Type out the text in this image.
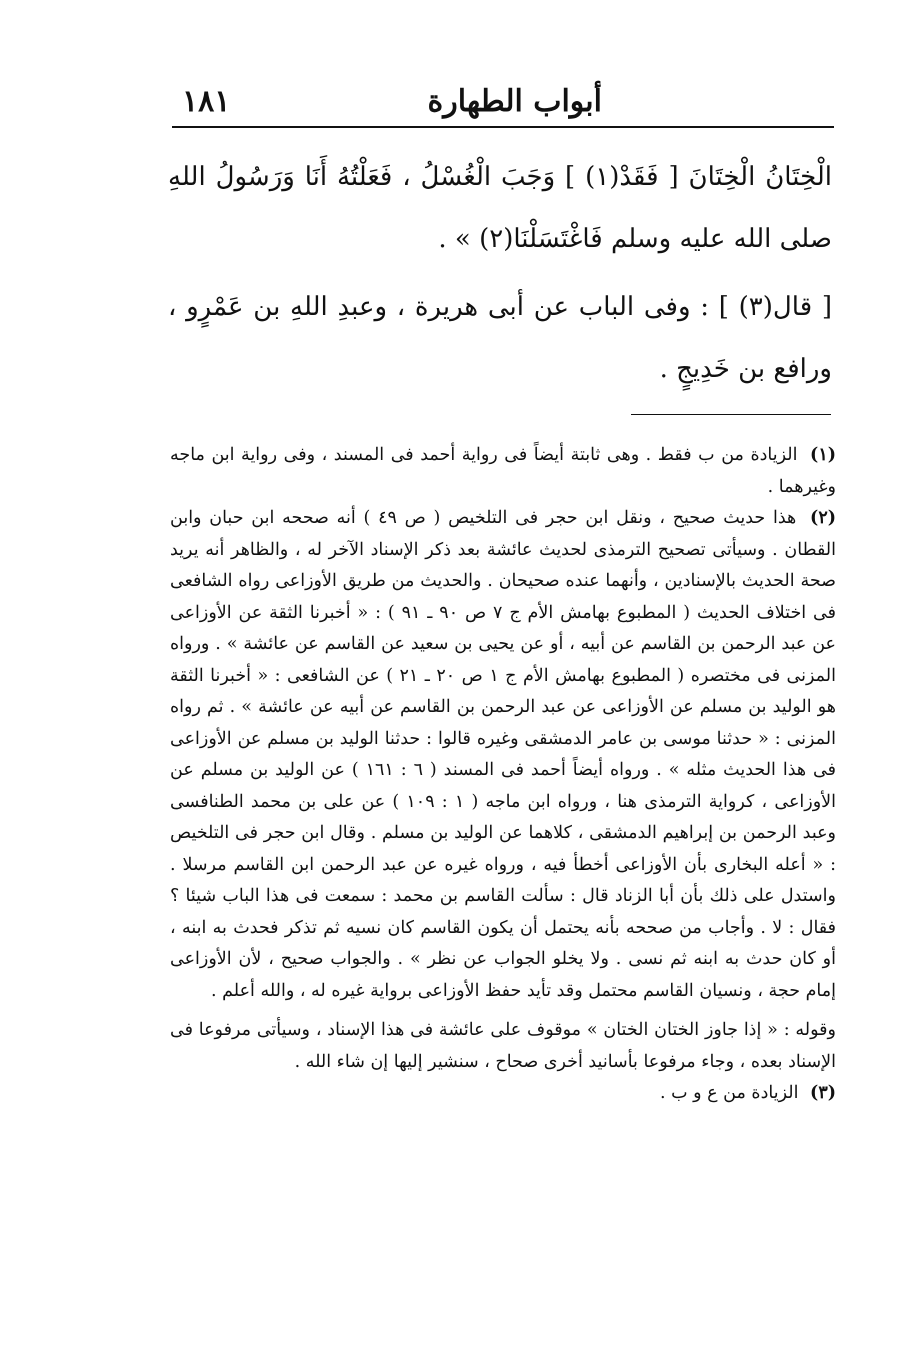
أبواب الطهارة
١٨١

الْخِتَانُ الْخِتَانَ [ فَقَدْ(١) ] وَجَبَ الْغُسْلُ ، فَعَلْتُهُ أَنَا وَرَسُولُ اللهِ صلى الله عليه وسلم فَاغْتَسَلْنَا(٢) » .

[ قال(٣) ] : وفى الباب عن أبى هريرة ، وعبدِ اللهِ بن عَمْرٍو ، ورافع بن خَدِيجٍ .

(١) الزيادة من ب فقط . وهى ثابتة أيضاً فى رواية أحمد فى المسند ، وفى رواية ابن ماجه وغيرهما .

(٢) هذا حديث صحيح ، ونقل ابن حجر فى التلخيص ( ص ٤٩ ) أنه صححه ابن حبان وابن القطان . وسيأتى تصحيح الترمذى لحديث عائشة بعد ذكر الإسناد الآخر له ، والظاهر أنه يريد صحة الحديث بالإسنادين ، وأنهما عنده صحيحان . والحديث من طريق الأوزاعى رواه الشافعى فى اختلاف الحديث ( المطبوع بهامش الأم ج ٧ ص ٩٠ ـ ٩١ ) : « أخبرنا الثقة عن الأوزاعى عن عبد الرحمن بن القاسم عن أبيه ، أو عن يحيى بن سعيد عن القاسم عن عائشة » . ورواه المزنى فى مختصره ( المطبوع بهامش الأم ج ١ ص ٢٠ ـ ٢١ ) عن الشافعى : « أخبرنا الثقة هو الوليد بن مسلم عن الأوزاعى عن عبد الرحمن بن القاسم عن أبيه عن عائشة » . ثم رواه المزنى : « حدثنا موسى بن عامر الدمشقى وغيره قالوا : حدثنا الوليد بن مسلم عن الأوزاعى فى هذا الحديث مثله » . ورواه أيضاً أحمد فى المسند ( ٦ : ١٦١ ) عن الوليد بن مسلم عن الأوزاعى ، كرواية الترمذى هنا ، ورواه ابن ماجه ( ١ : ١٠٩ ) عن على بن محمد الطنافسى وعبد الرحمن بن إبراهيم الدمشقى ، كلاهما عن الوليد بن مسلم . وقال ابن حجر فى التلخيص : « أعله البخارى بأن الأوزاعى أخطأ فيه ، ورواه غيره عن عبد الرحمن ابن القاسم مرسلا . واستدل على ذلك بأن أبا الزناد قال : سألت القاسم بن محمد : سمعت فى هذا الباب شيئا ؟ فقال : لا . وأجاب من صححه بأنه يحتمل أن يكون القاسم كان نسيه ثم تذكر فحدث به ابنه ، أو كان حدث به ابنه ثم نسى . ولا يخلو الجواب عن نظر » . والجواب صحيح ، لأن الأوزاعى إمام حجة ، ونسيان القاسم محتمل وقد تأيد حفظ الأوزاعى برواية غيره له ، والله أعلم .

وقوله : « إذا جاوز الختان الختان » موقوف على عائشة فى هذا الإسناد ، وسيأتى مرفوعا فى الإسناد بعده ، وجاء مرفوعا بأسانيد أخرى صحاح ، سنشير إليها إن شاء الله .

(٣) الزيادة من ع و ب .
